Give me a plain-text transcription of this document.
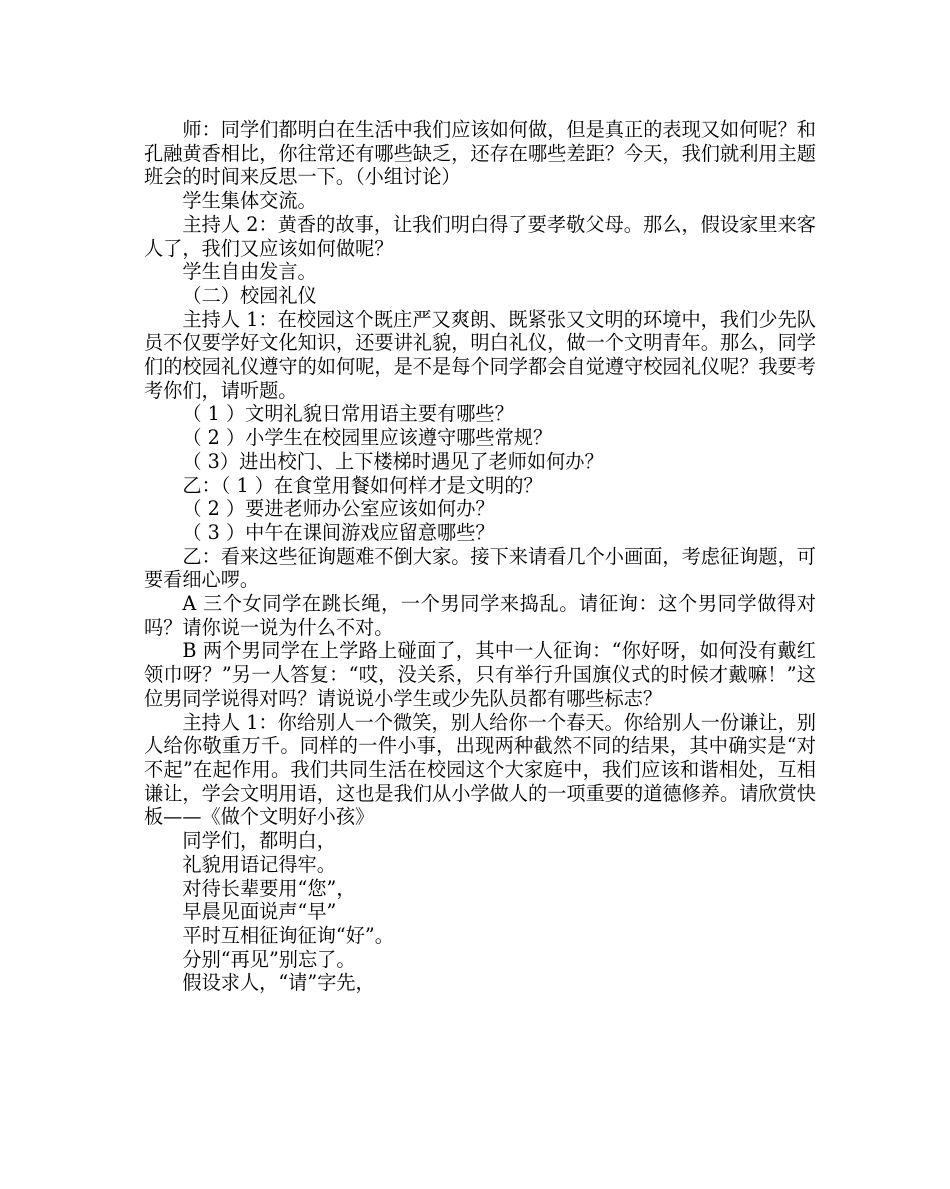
师：同学们都明白在生活中我们应该如何做，但是真正的表现又如何呢？和孔融黄香相比，你往常还有哪些缺乏，还存在哪些差距？今天，我们就利用主题班会的时间来反思一下。（小组讨论）

学生集体交流。

主持人 2：黄香的故事，让我们明白得了要孝敬父母。那么，假设家里来客人了，我们又应该如何做呢？

学生自由发言。

（二）校园礼仪

主持人 1：在校园这个既庄严又爽朗、既紧张又文明的环境中，我们少先队员不仅要学好文化知识，还要讲礼貌，明白礼仪，做一个文明青年。那么，同学们的校园礼仪遵守的如何呢，是不是每个同学都会自觉遵守校园礼仪呢？我要考考你们，请听题。

（ 1 ）文明礼貌日常用语主要有哪些？

（ 2 ）小学生在校园里应该遵守哪些常规？

（ 3）进出校门、上下楼梯时遇见了老师如何办？

乙：（ 1 ）在食堂用餐如何样才是文明的？

（ 2 ）要进老师办公室应该如何办？

（ 3 ）中午在课间游戏应留意哪些？

乙：看来这些征询题难不倒大家。接下来请看几个小画面，考虑征询题，可要看细心啰。

A 三个女同学在跳长绳，一个男同学来捣乱。请征询：这个男同学做得对吗？请你说一说为什么不对。

B 两个男同学在上学路上碰面了，其中一人征询：“你好呀，如何没有戴红领巾呀？”另一人答复：“哎，没关系，只有举行升国旗仪式的时候才戴嘛！”这位男同学说得对吗？请说说小学生或少先队员都有哪些标志？

主持人 1：你给别人一个微笑，别人给你一个春天。你给别人一份谦让，别人给你敬重万千。同样的一件小事，出现两种截然不同的结果，其中确实是“对不起”在起作用。我们共同生活在校园这个大家庭中，我们应该和谐相处，互相谦让，学会文明用语，这也是我们从小学做人的一项重要的道德修养。请欣赏快板——《做个文明好小孩》

同学们，都明白，

礼貌用语记得牢。

对待长辈要用“您”，

早晨见面说声“早”

平时互相征询征询“好”。

分别“再见”别忘了。

假设求人，“请”字先，
